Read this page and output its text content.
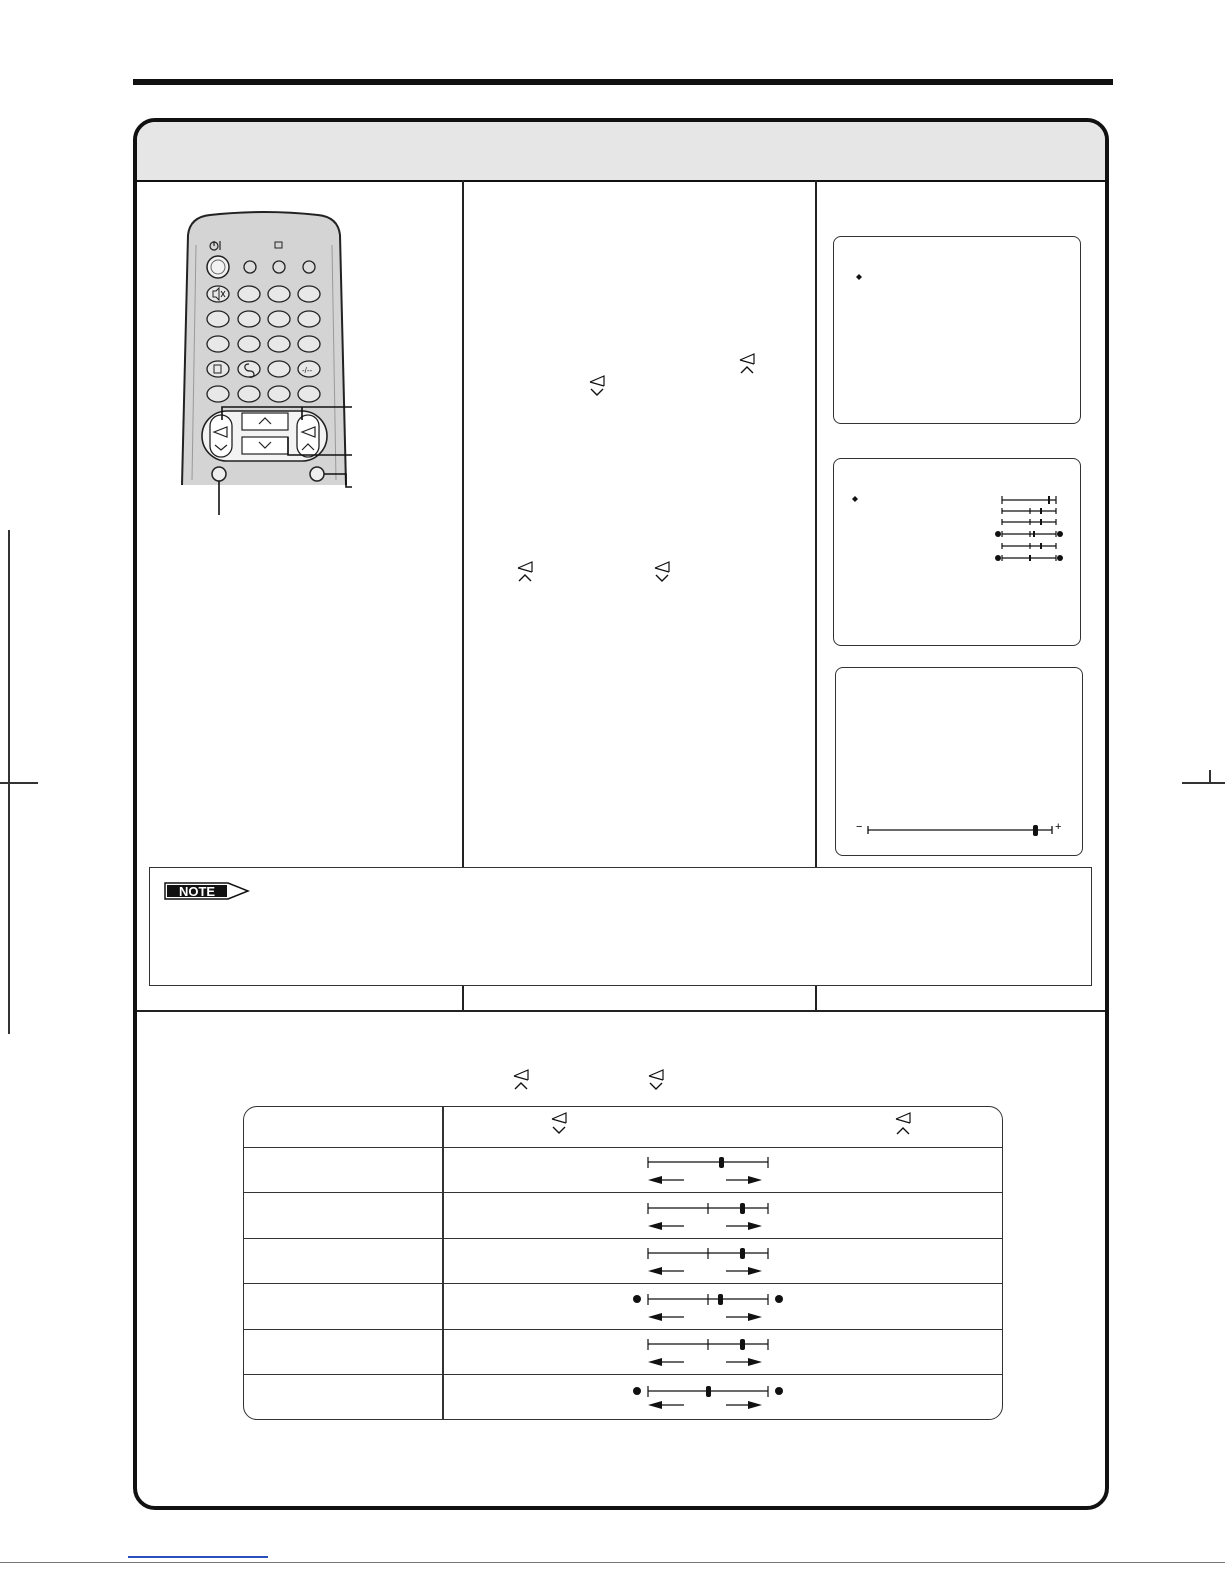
-/--
−	+
NOTE
